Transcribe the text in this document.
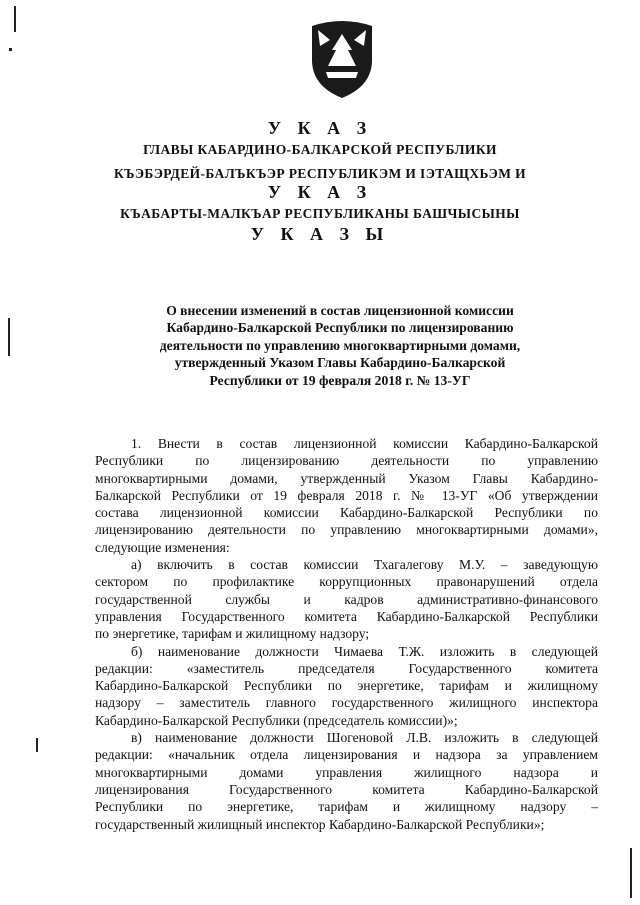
У К А З
ГЛАВЫ КАБАРДИНО-БАЛКАРСКОЙ РЕСПУБЛИКИ
КЪЭБЭРДЕЙ-БАЛЪКЪЭР РЕСПУБЛИКЭМ И ІЭТАЩХЬЭМ И
У К А З
КЪАБАРТЫ-МАЛКЪАР РЕСПУБЛИКАНЫ БАШЧЫСЫНЫ
У К А З Ы
О внесении изменений в состав лицензионной комиссии
Кабардино-Балкарской Республики по лицензированию
деятельности по управлению многоквартирными домами,
утвержденный Указом Главы Кабардино-Балкарской
Республики от 19 февраля 2018 г. № 13-УГ
1. Внести в состав лицензионной комиссии Кабардино-Балкарской
Республики по лицензированию деятельности по управлению
многоквартирными домами, утвержденный Указом Главы Кабардино-
Балкарской Республики от 19 февраля 2018 г. № 13-УГ «Об утверждении
состава лицензионной комиссии Кабардино-Балкарской Республики по
лицензированию деятельности по управлению многоквартирными домами»,
следующие изменения:
а) включить в состав комиссии Тхагалегову М.У. – заведующую
сектором по профилактике коррупционных правонарушений отдела
государственной службы и кадров административно-финансового
управления Государственного комитета Кабардино-Балкарской Республики
по энергетике, тарифам и жилищному надзору;
б) наименование должности Чимаева Т.Ж. изложить в следующей
редакции: «заместитель председателя Государственного комитета
Кабардино-Балкарской Республики по энергетике, тарифам и жилищному
надзору – заместитель главного государственного жилищного инспектора
Кабардино-Балкарской Республики (председатель комиссии)»;
в) наименование должности Шогеновой Л.В. изложить в следующей
редакции: «начальник отдела лицензирования и надзора за управлением
многоквартирными домами управления жилищного надзора и
лицензирования Государственного комитета Кабардино-Балкарской
Республики по энергетике, тарифам и жилищному надзору –
государственный жилищный инспектор Кабардино-Балкарской Республики»;
